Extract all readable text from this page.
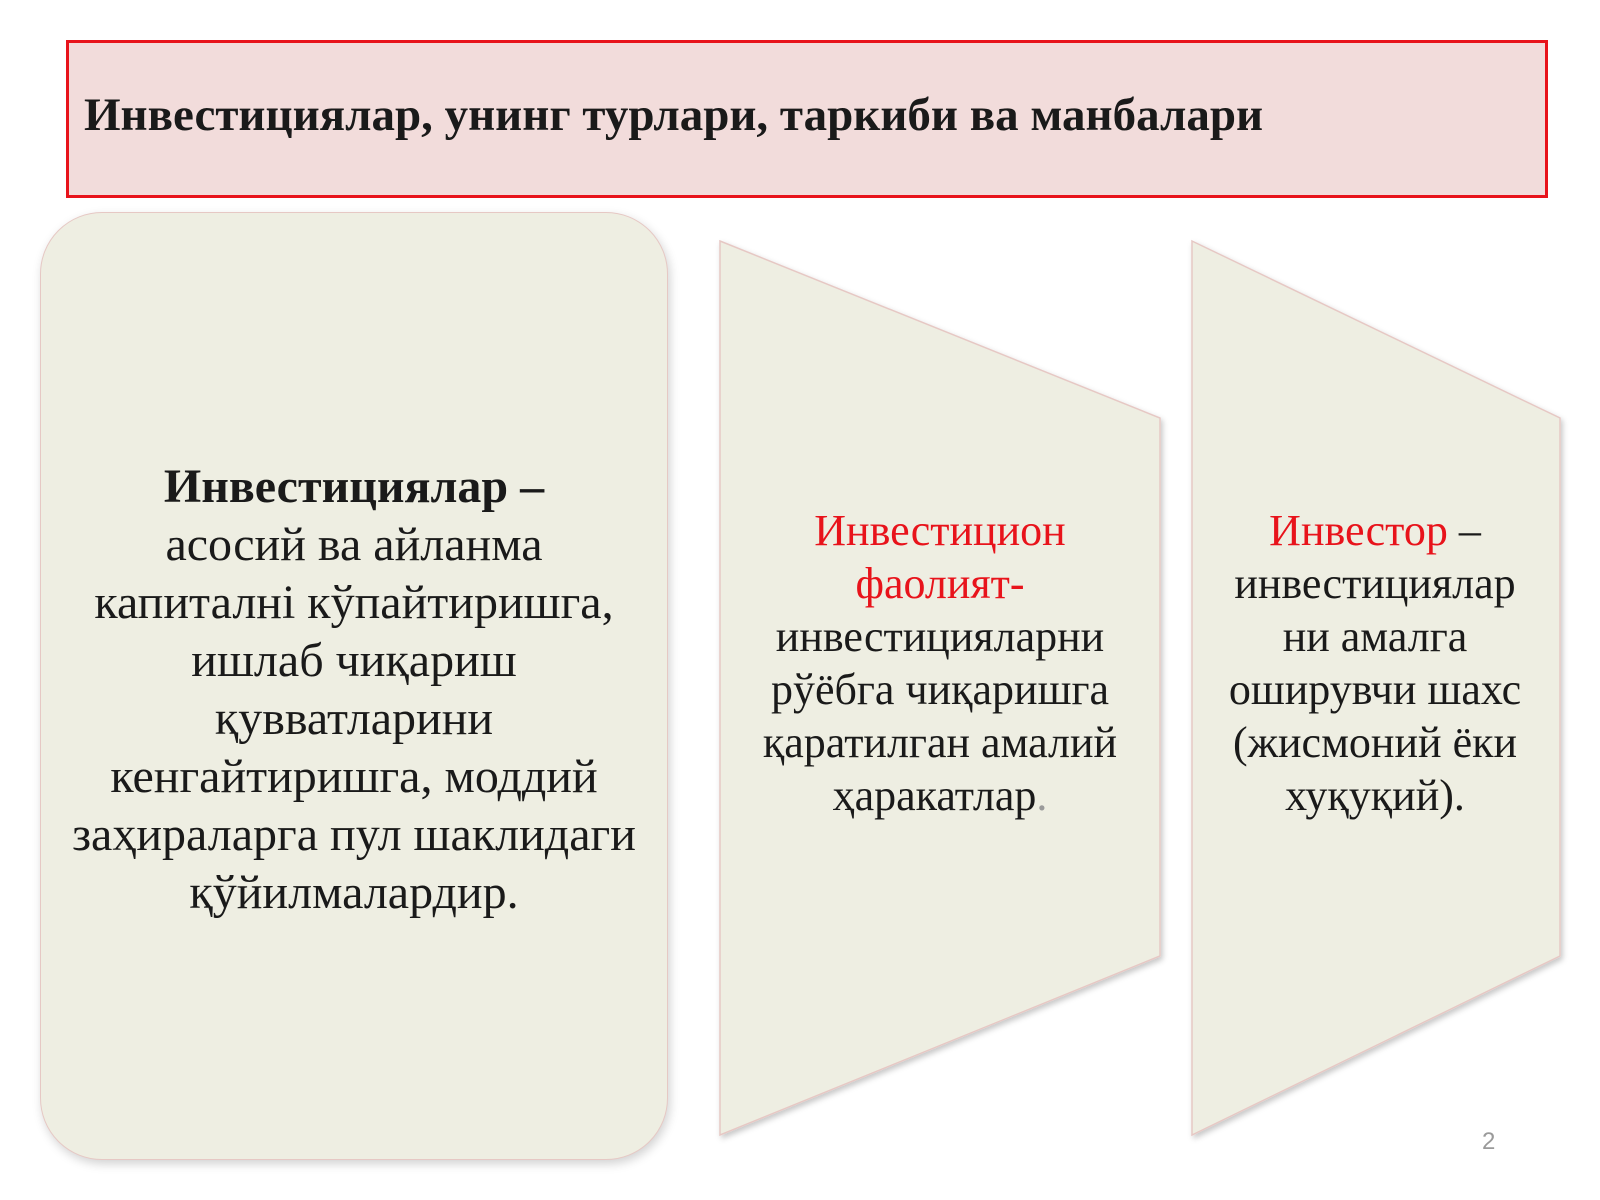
Инвестициялар, унинг турлари, таркиби ва манбалари
Инвестициялар –
асосий ва айланма капиталнi кўпайтиришга, ишлаб чиқариш қувватларини кенгайтиришга, моддий заҳираларга пул шаклидаги қўйилмалардир.
Инвестицион фаолият- инвестицияларни рўёбга чиқаришга қаратилган амалий ҳаракатлар.
Инвестор – инвестициялар ни амалга оширувчи шахс (жисмоний ёки хуқуқий).
2
